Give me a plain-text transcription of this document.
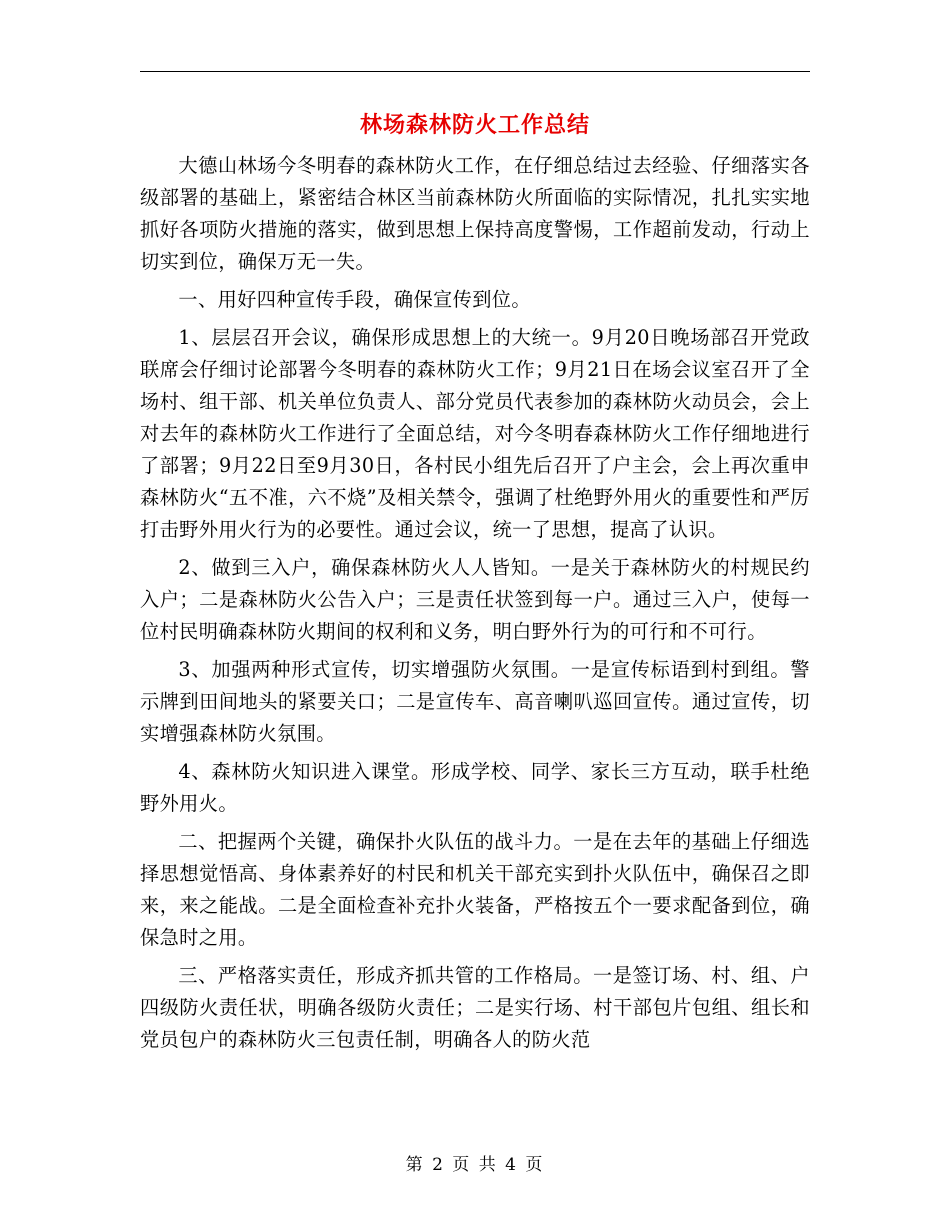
林场森林防火工作总结

大德山林场今冬明春的森林防火工作，在仔细总结过去经验、仔细落实各级部署的基础上，紧密结合林区当前森林防火所面临的实际情况，扎扎实实地抓好各项防火措施的落实，做到思想上保持高度警惕，工作超前发动，行动上切实到位，确保万无一失。

一、用好四种宣传手段，确保宣传到位。

1、层层召开会议，确保形成思想上的大统一。9月20日晚场部召开党政联席会仔细讨论部署今冬明春的森林防火工作；9月21日在场会议室召开了全场村、组干部、机关单位负责人、部分党员代表参加的森林防火动员会，会上对去年的森林防火工作进行了全面总结，对今冬明春森林防火工作仔细地进行了部署；9月22日至9月30日，各村民小组先后召开了户主会，会上再次重申森林防火“五不准，六不烧”及相关禁令，强调了杜绝野外用火的重要性和严厉打击野外用火行为的必要性。通过会议，统一了思想，提高了认识。

2、做到三入户，确保森林防火人人皆知。一是关于森林防火的村规民约入户；二是森林防火公告入户；三是责任状签到每一户。通过三入户，使每一位村民明确森林防火期间的权利和义务，明白野外行为的可行和不可行。

3、加强两种形式宣传，切实增强防火氛围。一是宣传标语到村到组。警示牌到田间地头的紧要关口；二是宣传车、高音喇叭巡回宣传。通过宣传，切实增强森林防火氛围。

4、森林防火知识进入课堂。形成学校、同学、家长三方互动，联手杜绝野外用火。

二、把握两个关键，确保扑火队伍的战斗力。一是在去年的基础上仔细选择思想觉悟高、身体素养好的村民和机关干部充实到扑火队伍中，确保召之即来，来之能战。二是全面检查补充扑火装备，严格按五个一要求配备到位，确保急时之用。

三、严格落实责任，形成齐抓共管的工作格局。一是签订场、村、组、户四级防火责任状，明确各级防火责任；二是实行场、村干部包片包组、组长和党员包户的森林防火三包责任制，明确各人的防火范

第 2 页 共 4 页
